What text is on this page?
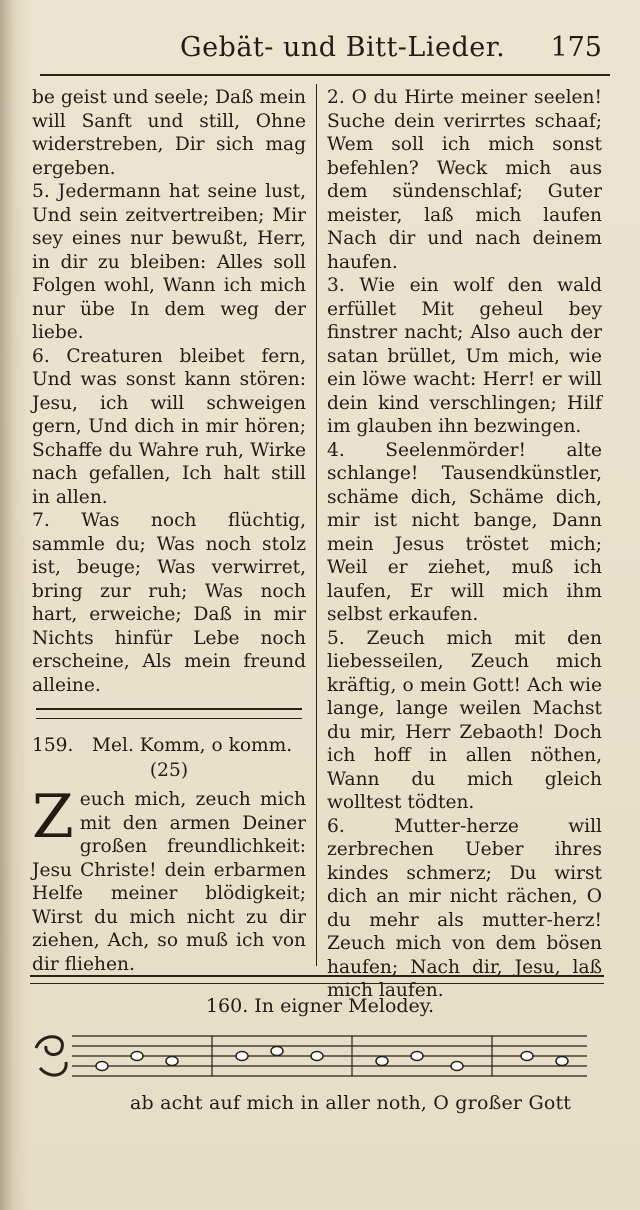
Gebät- und Bitt-Lieder. 175

be geist und seele; Daß mein will Sanft und still, Ohne widerstreben, Dir sich mag ergeben.

5. Jedermann hat seine lust, Und sein zeitvertreiben; Mir sey eines nur bewußt, Herr, in dir zu bleiben: Alles soll Folgen wohl, Wann ich mich nur übe In dem weg der liebe.

6. Creaturen bleibet fern, Und was sonst kann stören: Jesu, ich will schweigen gern, Und dich in mir hören; Schaffe du Wahre ruh, Wirke nach gefallen, Ich halt still in allen.

7. Was noch flüchtig, sammle du; Was noch stolz ist, beuge; Was verwirret, bring zur ruh; Was noch hart, erweiche; Daß in mir Nichts hinfür Lebe noch erscheine, Als mein freund alleine.

159. Mel. Komm, o komm.
(25)
Z euch mich, zeuch mich mit den armen Deiner großen freundlichkeit: Jesu Christe! dein erbarmen Helfe meiner blödigkeit; Wirst du mich nicht zu dir ziehen, Ach, so muß ich von dir fliehen.

2. O du Hirte meiner seelen! Suche dein verirrtes schaaf; Wem soll ich mich sonst befehlen? Weck mich aus dem sündenschlaf; Guter meister, laß mich laufen Nach dir und nach deinem haufen.

3. Wie ein wolf den wald erfüllet Mit geheul bey finstrer nacht; Also auch der satan brüllet, Um mich, wie ein löwe wacht: Herr! er will dein kind verschlingen; Hilf im glauben ihn bezwingen.

4. Seelenmörder! alte schlange! Tausendkünstler, schäme dich, Schäme dich, mir ist nicht bange, Dann mein Jesus tröstet mich; Weil er ziehet, muß ich laufen, Er will mich ihm selbst erkaufen.

5. Zeuch mich mit den liebesseilen, Zeuch mich kräftig, o mein Gott! Ach wie lange, lange weilen Machst du mir, Herr Zebaoth! Doch ich hoff in allen nöthen, Wann du mich gleich wolltest tödten.

6. Mutter-herze will zerbrechen Ueber ihres kindes schmerz; Du wirst dich an mir nicht rächen, O du mehr als mutter-herz! Zeuch mich von dem bösen haufen; Nach dir, Jesu, laß mich laufen.

160. In eigner Melodey.
ab acht auf mich in aller noth, O großer Gott
